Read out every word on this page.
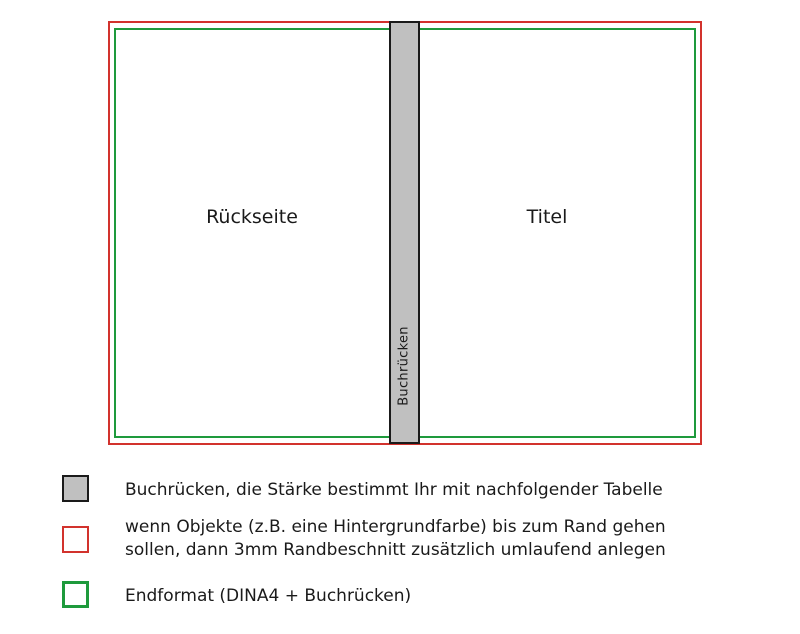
Buchrücken
Rückseite	Titel
Buchrücken, die Stärke bestimmt Ihr mit nachfolgender Tabelle
wenn Objekte (z.B. eine Hintergrundfarbe) bis zum Rand gehen
sollen, dann 3mm Randbeschnitt zusätzlich umlaufend anlegen
Endformat (DINA4 + Buchrücken)
